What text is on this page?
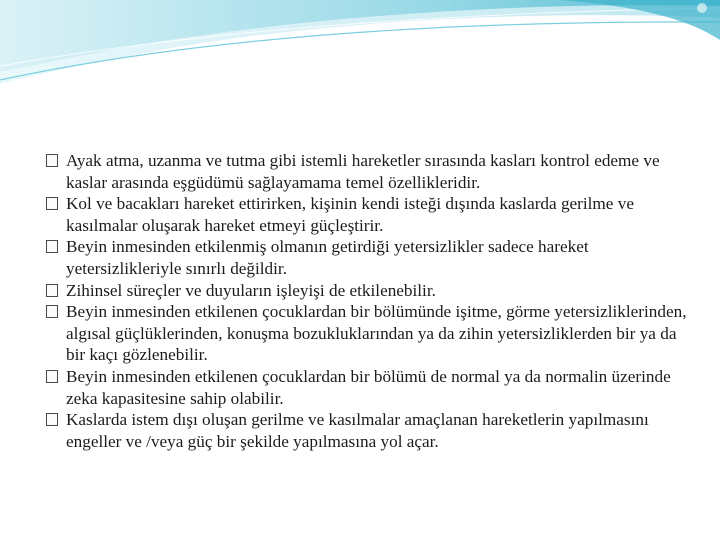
Ayak atma, uzanma ve tutma gibi istemli hareketler sırasında kasları kontrol edeme ve kaslar arasında eşgüdümü sağlayamama temel özellikleridir.

Kol ve bacakları hareket ettirirken, kişinin kendi isteği dışında kaslarda gerilme ve kasılmalar oluşarak hareket etmeyi güçleştirir.

Beyin inmesinden etkilenmiş olmanın getirdiği yetersizlikler sadece hareket yetersizlikleriyle sınırlı değildir.

Zihinsel süreçler ve duyuların işleyişi de etkilenebilir.

Beyin inmesinden etkilenen çocuklardan bir bölümünde işitme, görme yetersizliklerinden, algısal güçlüklerinden, konuşma bozukluklarından ya da zihin yetersizliklerden bir ya da bir kaçı gözlenebilir.

Beyin inmesinden etkilenen çocuklardan bir bölümü de normal ya da normalin üzerinde zeka kapasitesine sahip olabilir.

Kaslarda istem dışı oluşan gerilme ve kasılmalar amaçlanan hareketlerin yapılmasını engeller ve /veya güç bir şekilde yapılmasına yol açar.
